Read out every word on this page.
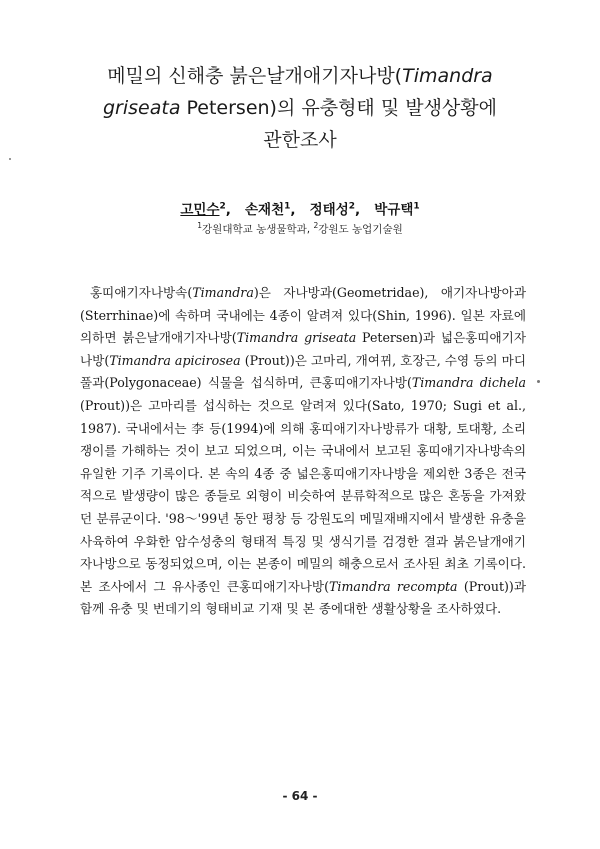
메밀의 신해충 붉은날개애기자나방(Timandra
griseata Petersen)의 유충형태 및 발생상황에
관한조사
고민수$^2$,   손재천$^1$,   정태성$^2$,   박규택$^1$
$^1$강원대학교 농생물학과, $^2$강원도 농업기술원

홍띠애기자나방속(Timandra)은 자나방과(Geometridae), 애기자나방아과(Sterrhinae)에 속하며 국내에는 4종이 알려져 있다(Shin, 1996). 일본 자료에 의하면 붉은날개애기자나방(Timandra griseata Petersen)과 넓은홍띠애기자나방(Timandra apicirosea (Prout))은 고마리, 개여뀌, 호장근, 수영 등의 마디풀과(Polygonaceae) 식물을 섭식하며, 큰홍띠애기자나방(Timandra dichela (Prout))은 고마리를 섭식하는 것으로 알려져 있다(Sato, 1970; Sugi et al., 1987). 국내에서는 李 등(1994)에 의해 홍띠애기자나방류가 대황, 토대황, 소리쟁이를 가해하는 것이 보고 되었으며, 이는 국내에서 보고된 홍띠애기자나방속의 유일한 기주 기록이다. 본 속의 4종 중 넓은홍띠애기자나방을 제외한 3종은 전국적으로 발생량이 많은 종들로 외형이 비슷하여 분류학적으로 많은 혼동을 가져왔던 분류군이다. '98～'99년 동안 평창 등 강원도의 메밀재배지에서 발생한 유충을 사육하여 우화한 암수성충의 형태적 특징 및 생식기를 검경한 결과 붉은날개애기자나방으로 동정되었으며, 이는 본종이 메밀의 해충으로서 조사된 최초 기록이다. 본 조사에서 그 유사종인 큰홍띠애기자나방(Timandra recompta (Prout))과 함께 유충 및 번데기의 형태비교 기재 및 본 종에대한 생활상황을 조사하였다.

- 64 -
